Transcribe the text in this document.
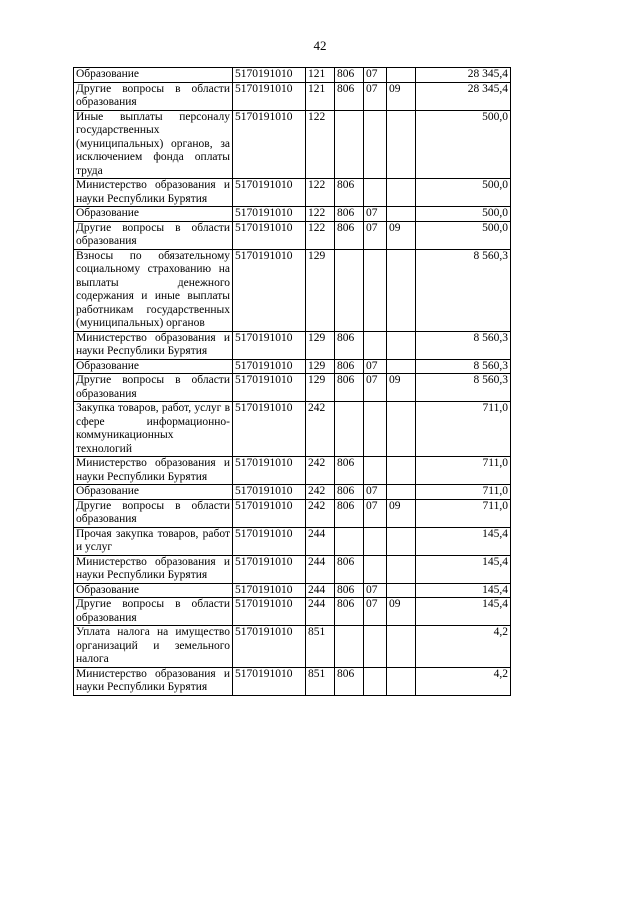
42
Образование	5170191010	121	806	07		28 345,4
Другие вопросы в области образования	5170191010	121	806	07	09	28 345,4
Иные выплаты персоналу государственных (муниципальных) органов, за исключением фонда оплаты труда	5170191010	122				500,0
Министерство образования и науки Республики Бурятия	5170191010	122	806			500,0
Образование	5170191010	122	806	07		500,0
Другие вопросы в области образования	5170191010	122	806	07	09	500,0
Взносы по обязательному социальному страхованию на выплаты денежного содержания и иные выплаты работникам государственных (муниципальных) органов	5170191010	129				8 560,3
Министерство образования и науки Республики Бурятия	5170191010	129	806			8 560,3
Образование	5170191010	129	806	07		8 560,3
Другие вопросы в области образования	5170191010	129	806	07	09	8 560,3
Закупка товаров, работ, услуг в сфере информационно-коммуникационных технологий	5170191010	242				711,0
Министерство образования и науки Республики Бурятия	5170191010	242	806			711,0
Образование	5170191010	242	806	07		711,0
Другие вопросы в области образования	5170191010	242	806	07	09	711,0
Прочая закупка товаров, работ и услуг	5170191010	244				145,4
Министерство образования и науки Республики Бурятия	5170191010	244	806			145,4
Образование	5170191010	244	806	07		145,4
Другие вопросы в области образования	5170191010	244	806	07	09	145,4
Уплата налога на имущество организаций и земельного налога	5170191010	851				4,2
Министерство образования и науки Республики Бурятия	5170191010	851	806			4,2
